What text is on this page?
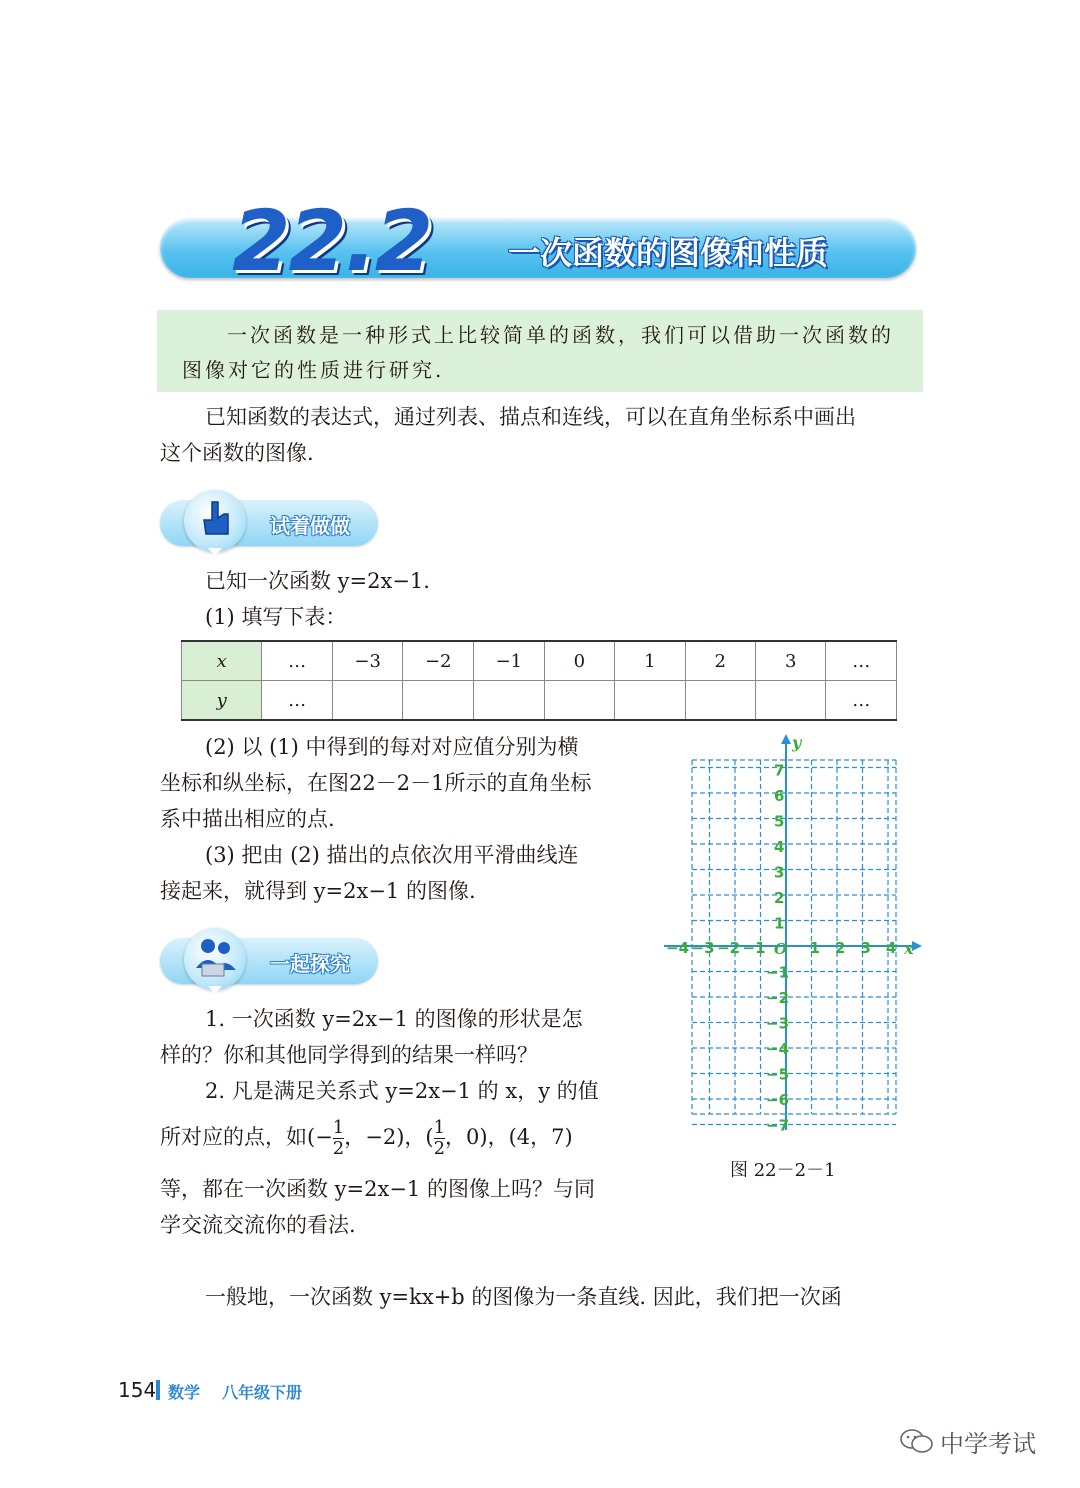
22.2 一次函数的图像和性质

一次函数是一种形式上比较简单的函数，我们可以借助一次函数的

图像对它的性质进行研究.

已知函数的表达式，通过列表、描点和连线，可以在直角坐标系中画出

这个函数的图像.

试着做做

已知一次函数 y=2x−1.

(1) 填写下表：

x	…	−3	−2	−1	0	1	2	3	…
y	…								…

(2) 以 (1) 中得到的每对对应值分别为横

坐标和纵坐标，在图22－2－1所示的直角坐标

系中描出相应的点.

(3) 把由 (2) 描出的点依次用平滑曲线连

接起来，就得到 y=2x−1 的图像.

一起探究

1. 一次函数 y=2x−1 的图像的形状是怎

样的？你和其他同学得到的结果一样吗？

2. 凡是满足关系式 y=2x−1 的 x，y 的值

所对应的点，如(− $\frac{1}{2}$ ，−2)，( $\frac{1}{2}$ ，0)，(4，7)

等，都在一次函数 y=2x−1 的图像上吗？与同

学交流交流你的看法.

x
y
O
−4 −3 −2 −1	1 2 3 4
7
6
5
4
3
2
1
−1
−2
−3
−4
−5
−6
−7
图 22－2－1

一般地，一次函数 y=kx+b 的图像为一条直线. 因此，我们把一次函

154 数学 八年级下册
中学考试
